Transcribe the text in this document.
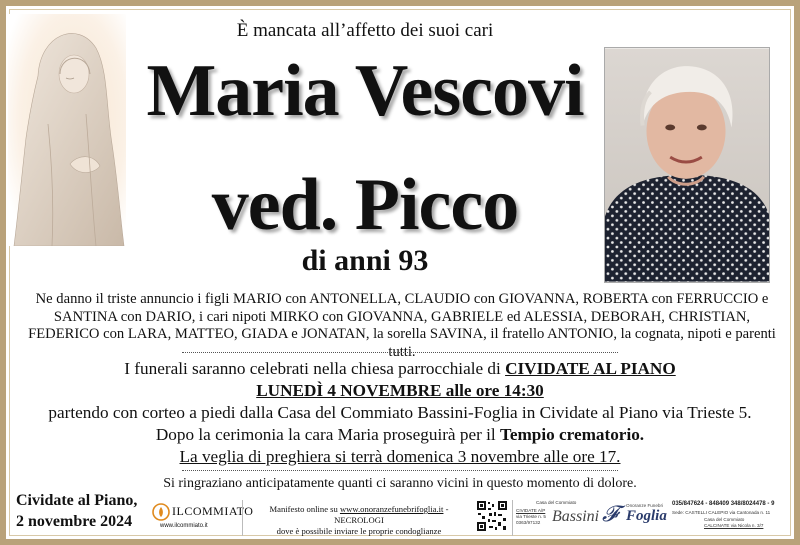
È mancata all’affetto dei suoi cari
Maria Vescovi
ved. Picco
di anni 93
Ne danno il triste annuncio i figli MARIO con ANTONELLA, CLAUDIO con GIOVANNA, ROBERTA con FERRUCCIO e
SANTINA con DARIO, i cari nipoti MIRKO con GIOVANNA, GABRIELE ed ALESSIA, DEBORAH, CHRISTIAN,
FEDERICO con LARA, MATTEO, GIADA e JONATAN, la sorella SAVINA, il fratello ANTONIO, la cognata, nipoti e parenti tutti.
I funerali saranno celebrati nella chiesa parrocchiale di CIVIDATE AL PIANO
LUNEDÌ 4 NOVEMBRE alle ore 14:30
partendo con corteo a piedi dalla Casa del Commiato Bassini-Foglia in Cividate al Piano via Trieste 5.
Dopo la cerimonia la cara Maria proseguirà per il Tempio crematorio.
La veglia di preghiera si terrà domenica 3 novembre alle ore 17.
Si ringraziano anticipatamente quanti ci saranno vicini in questo momento di dolore.
Cividate al Piano,
2 novembre 2024
ILCOMMIATO
www.ilcommiato.it
Manifesto online su www.onoranzefunebrifoglia.it - NECROLOGI
dove è possibile inviare le proprie condoglianze
Casa del Commiato
CIVIDATE A/P
via Trieste n. 5
0363/97132 Bassini 𝓕 Onoranze Funebri
Foglia
035/847624 - 848409 348/8024478 - 9
Sede: CASTELLI CALEPIO via Cantonada n. 11
Casa del Commiato
CALCINATE via Nicola n. 3/7
